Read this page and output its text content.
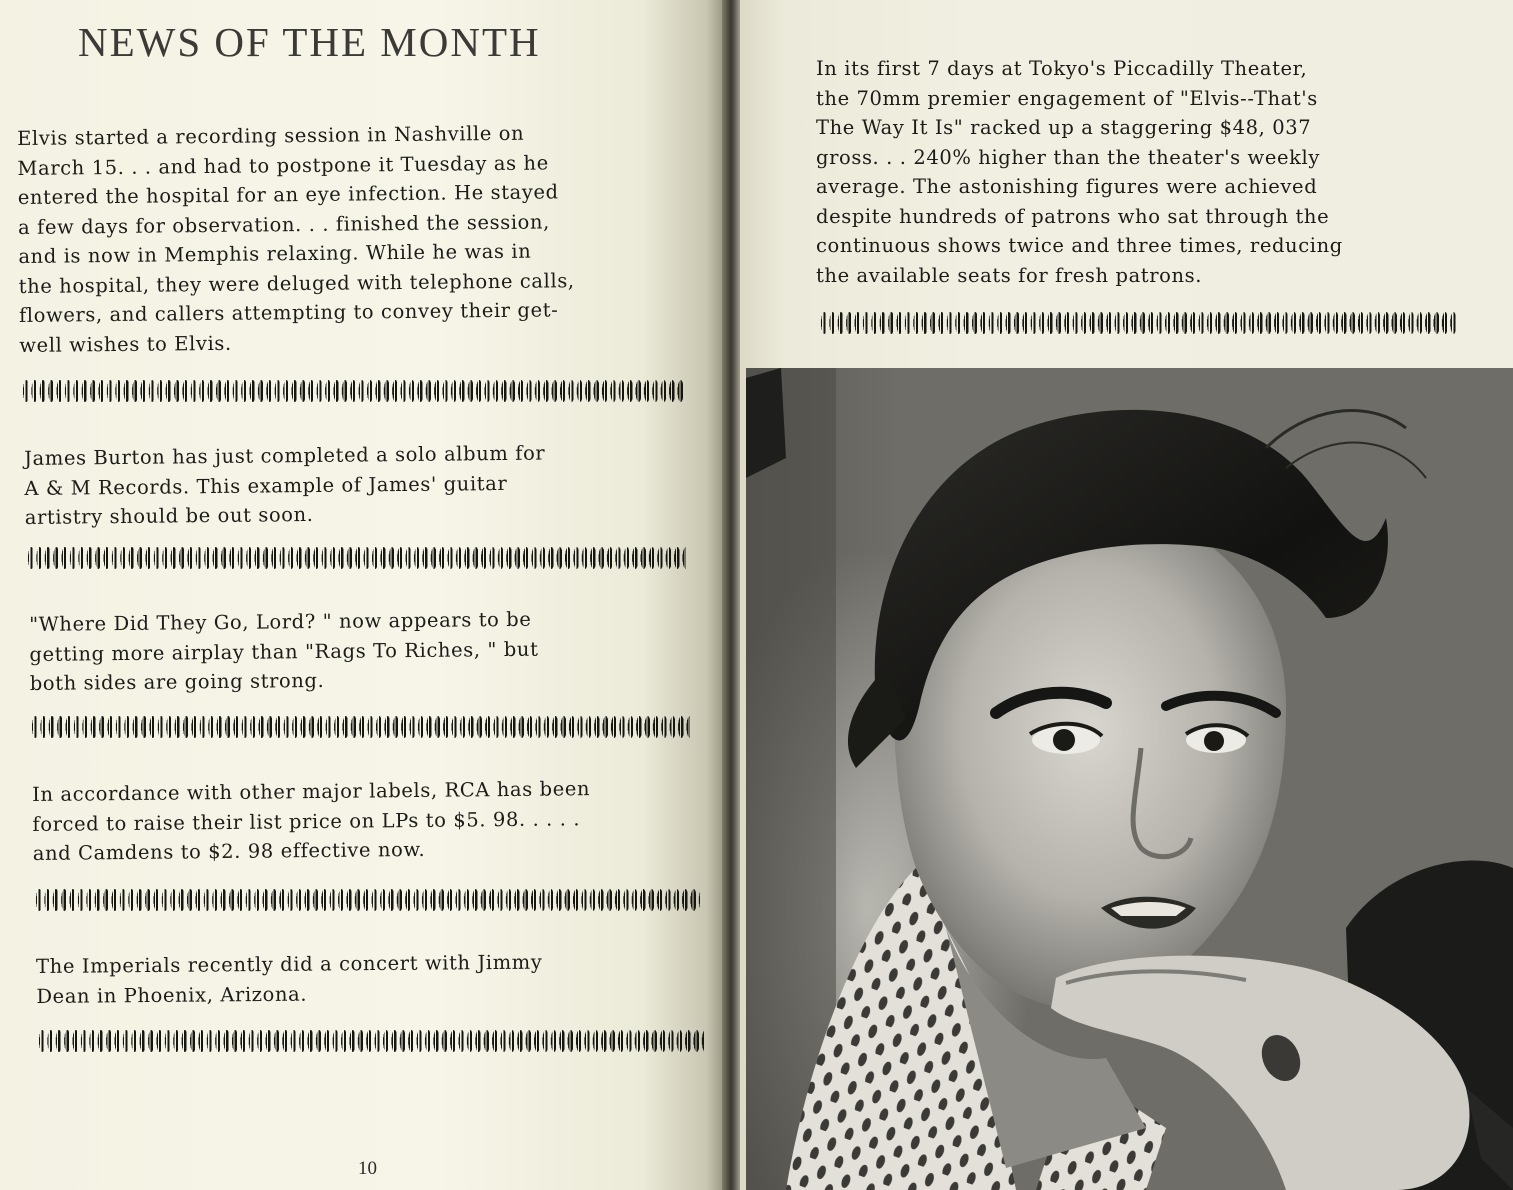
NEWS OF THE MONTH

Elvis started a recording session in Nashville on
March 15. . . and had to postpone it Tuesday as he
entered the hospital for an eye infection. He stayed
a few days for observation. . . finished the session,
and is now in Memphis relaxing. While he was in
the hospital, they were deluged with telephone calls,
flowers, and callers attempting to convey their get-
well wishes to Elvis.

James Burton has just completed a solo album for
A & M Records. This example of James' guitar
artistry should be out soon.

"Where Did They Go, Lord? " now appears to be
getting more airplay than "Rags To Riches, " but
both sides are going strong.

In accordance with other major labels, RCA has been
forced to raise their list price on LPs to $5. 98. . . . .
and Camdens to $2. 98 effective now.

The Imperials recently did a concert with Jimmy
Dean in Phoenix, Arizona.

10

In its first 7 days at Tokyo's Piccadilly Theater,
the 70mm premier engagement of "Elvis--That's
The Way It Is" racked up a staggering $48, 037
gross. . . 240% higher than the theater's weekly
average. The astonishing figures were achieved
despite hundreds of patrons who sat through the
continuous shows twice and three times, reducing
the available seats for fresh patrons.
